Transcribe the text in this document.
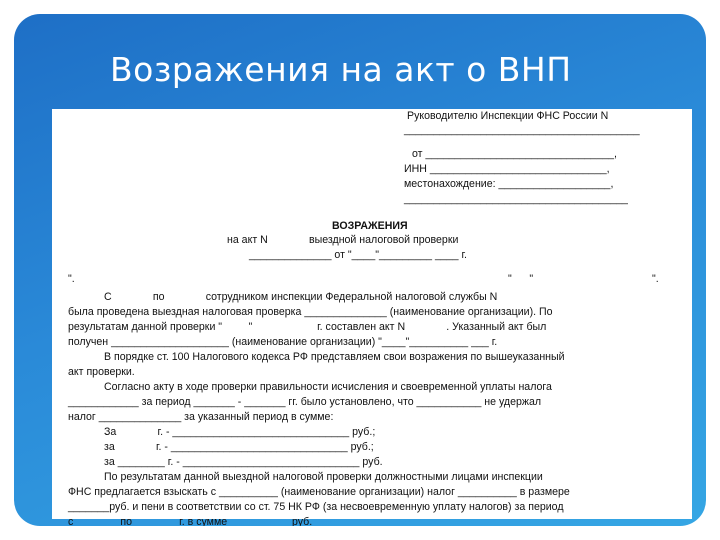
Возражения на акт о ВНП
Руководителю Инспекции ФНС России N
________________________________________
от ________________________________,
ИНН ______________________________,
местонахождение: ___________________,
______________________________________
ВОЗРАЖЕНИЯ
на акт N              выездной налоговой проверки
______________ от "____"_________ ____ г.
".	"      "	".
С              по              сотрудником инспекции Федеральной налоговой службы N
была проведена выездная налоговая проверка ______________ (наименование организации). По
результатам данной проверки "         "                      г. составлен акт N              . Указанный акт был
получен ____________________ (наименование организации) "____"__________ ___ г.
В порядке ст. 100 Налогового кодекса РФ представляем свои возражения по вышеуказанный
акт проверки.
Согласно акту в ходе проверки правильности исчисления и своевременной уплаты налога
____________ за период _______ - _______ гг. было установлено, что ___________ не удержал
налог ______________ за указанный период в сумме:
За              г. - ______________________________ руб.;
за              г. - ______________________________ руб.;
за ________ г. - ______________________________ руб.
По результатам данной выездной налоговой проверки должностными лицами инспекции
ФНС предлагается взыскать с __________ (наименование организации) налог __________ в размере
_______руб. и пени в соответствии со ст. 75 НК РФ (за несвоевременную уплату налогов) за период
с _______ по _______ г. в сумме __________ руб.
